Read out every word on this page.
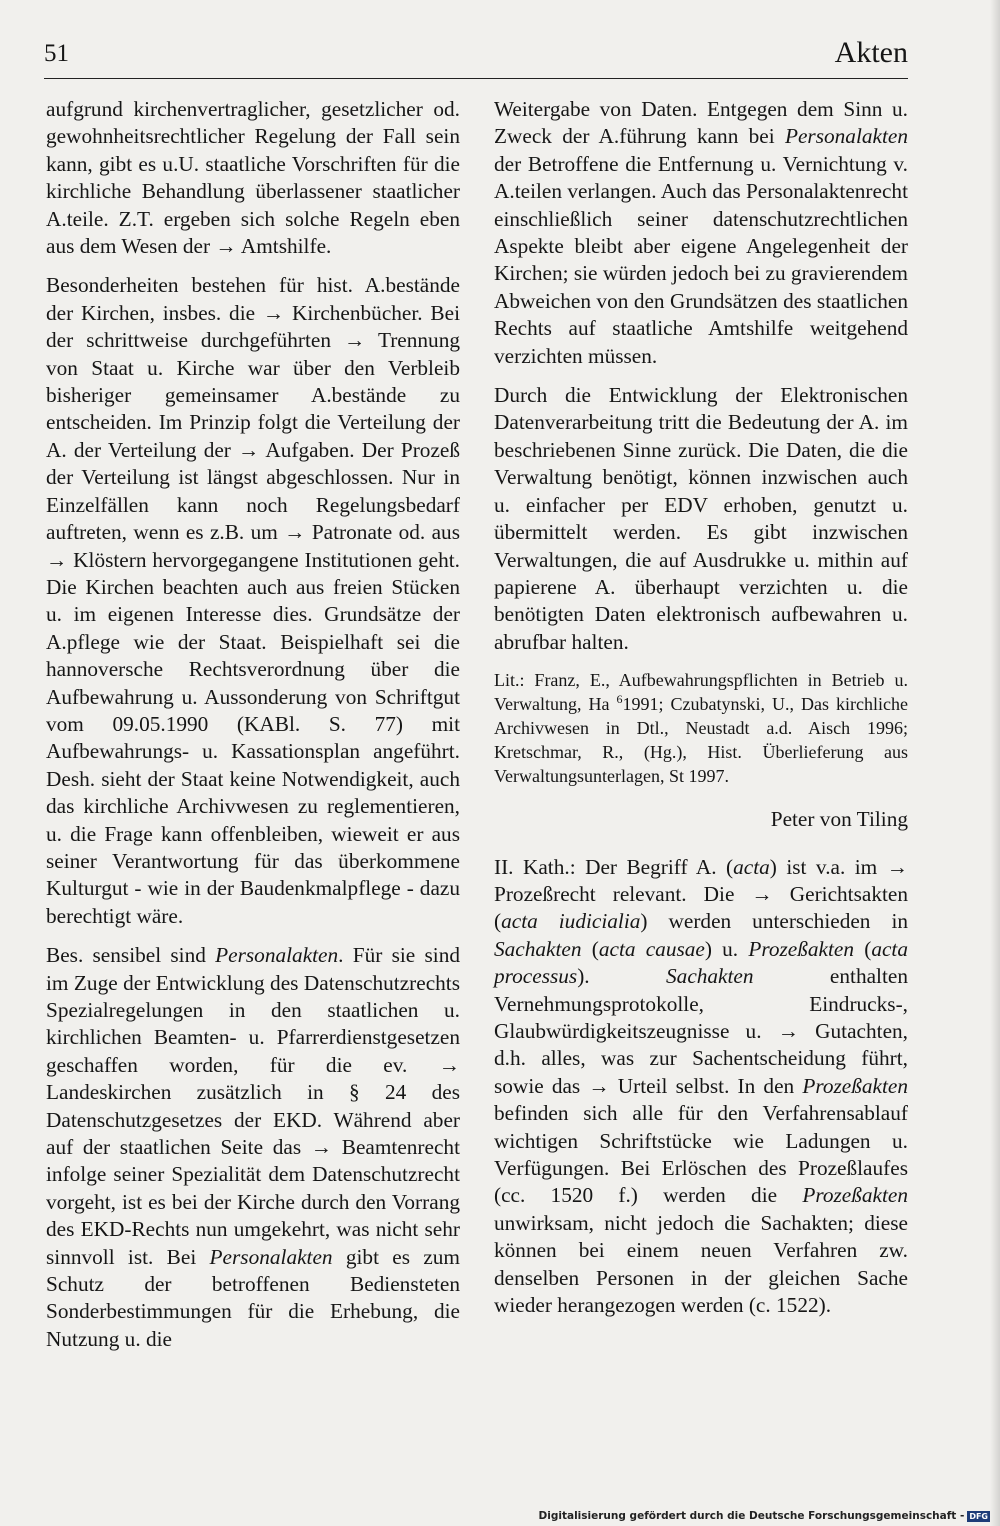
51	Akten

aufgrund kirchenvertraglicher, gesetzlicher od. gewohnheitsrechtlicher Regelung der Fall sein kann, gibt es u.U. staatliche Vorschriften für die kirchliche Behandlung überlassener staatlicher A.teile. Z.T. ergeben sich solche Regeln eben aus dem Wesen der → Amtshilfe.

Besonderheiten bestehen für hist. A.bestände der Kirchen, insbes. die → Kirchenbücher. Bei der schrittweise durchgeführten → Trennung von Staat u. Kirche war über den Verbleib bisheriger gemeinsamer A.bestände zu entscheiden. Im Prinzip folgt die Verteilung der A. der Verteilung der → Aufgaben. Der Prozeß der Verteilung ist längst abgeschlossen. Nur in Einzelfällen kann noch Regelungsbedarf auftreten, wenn es z.B. um → Patronate od. aus → Klöstern hervorgegangene Institutionen geht. Die Kirchen beachten auch aus freien Stücken u. im eigenen Interesse dies. Grundsätze der A.pflege wie der Staat. Beispielhaft sei die hannoversche Rechtsverordnung über die Aufbewahrung u. Aussonderung von Schriftgut vom 09.05.1990 (KABl. S. 77) mit Aufbewahrungs- u. Kassationsplan angeführt. Desh. sieht der Staat keine Notwendigkeit, auch das kirchliche Archivwesen zu reglementieren, u. die Frage kann offenbleiben, wieweit er aus seiner Verantwortung für das überkommene Kulturgut - wie in der Baudenkmalpflege - dazu berechtigt wäre.

Bes. sensibel sind Personalakten. Für sie sind im Zuge der Entwicklung des Datenschutzrechts Spezialregelungen in den staatlichen u. kirchlichen Beamten- u. Pfarrerdienstgesetzen geschaffen worden, für die ev. → Landeskirchen zusätzlich in § 24 des Datenschutzgesetzes der EKD. Während aber auf der staatlichen Seite das → Beamtenrecht infolge seiner Spezialität dem Datenschutzrecht vorgeht, ist es bei der Kirche durch den Vorrang des EKD-Rechts nun umgekehrt, was nicht sehr sinnvoll ist. Bei Personalakten gibt es zum Schutz der betroffenen Bediensteten Sonderbestimmungen für die Erhebung, die Nutzung u. die

Weitergabe von Daten. Entgegen dem Sinn u. Zweck der A.führung kann bei Personalakten der Betroffene die Entfernung u. Vernichtung v. A.teilen verlangen. Auch das Personalaktenrecht einschließlich seiner datenschutzrechtlichen Aspekte bleibt aber eigene Angelegenheit der Kirchen; sie würden jedoch bei zu gravierendem Abweichen von den Grundsätzen des staatlichen Rechts auf staatliche Amtshilfe weitgehend verzichten müssen.

Durch die Entwicklung der Elektronischen Datenverarbeitung tritt die Bedeutung der A. im beschriebenen Sinne zurück. Die Daten, die die Verwaltung benötigt, können inzwischen auch u. einfacher per EDV erhoben, genutzt u. übermittelt werden. Es gibt inzwischen Verwaltungen, die auf Ausdrukke u. mithin auf papierene A. überhaupt verzichten u. die benötigten Daten elektronisch aufbewahren u. abrufbar halten.

Lit.: Franz, E., Aufbewahrungspflichten in Betrieb u. Verwaltung, Ha $^6$1991; Czubatynski, U., Das kirchliche Archivwesen in Dtl., Neustadt a.d. Aisch 1996; Kretschmar, R., (Hg.), Hist. Überlieferung aus Verwaltungsunterlagen, St 1997.

Peter von Tiling

II. Kath.: Der Begriff A. (acta) ist v.a. im → Prozeßrecht relevant. Die → Gerichtsakten (acta iudicialia) werden unterschieden in Sachakten (acta causae) u. Prozeßakten (acta processus). Sachakten enthalten Vernehmungsprotokolle, Eindrucks-, Glaubwürdigkeitszeugnisse u. → Gutachten, d.h. alles, was zur Sachentscheidung führt, sowie das → Urteil selbst. In den Prozeßakten befinden sich alle für den Verfahrensablauf wichtigen Schriftstücke wie Ladungen u. Verfügungen. Bei Erlöschen des Prozeßlaufes (cc. 1520 f.) werden die Prozeßakten unwirksam, nicht jedoch die Sachakten; diese können bei einem neuen Verfahren zw. denselben Personen in der gleichen Sache wieder herangezogen werden (c. 1522).

Digitalisierung gefördert durch die Deutsche Forschungsgemeinschaft - DFG
